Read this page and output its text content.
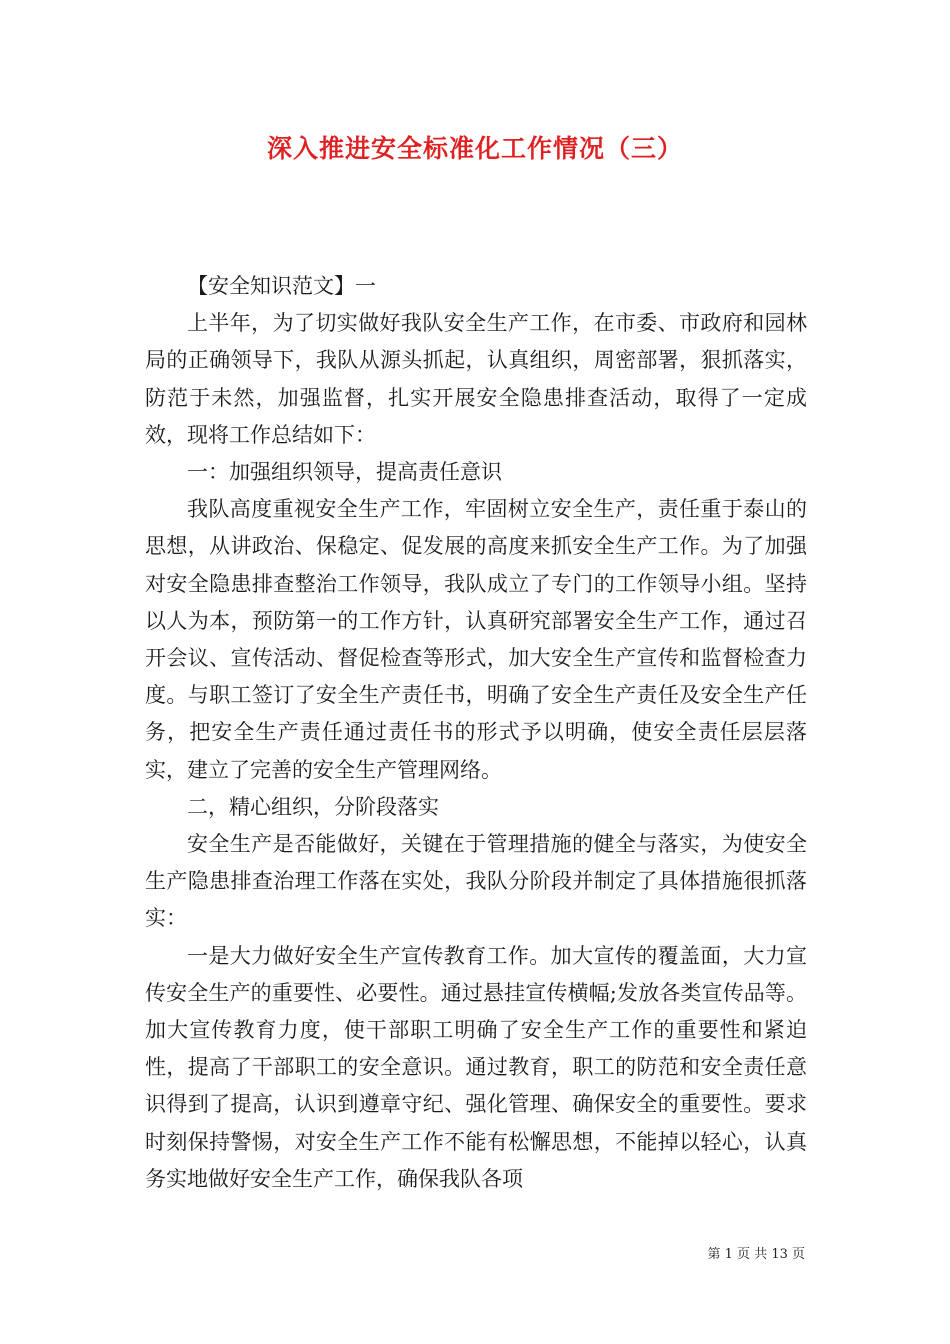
深入推进安全标准化工作情况（三）

【安全知识范文】一

上半年，为了切实做好我队安全生产工作，在市委、市政府和园林局的正确领导下，我队从源头抓起，认真组织，周密部署，狠抓落实，防范于未然，加强监督，扎实开展安全隐患排查活动，取得了一定成效，现将工作总结如下：

一：加强组织领导，提高责任意识

我队高度重视安全生产工作，牢固树立安全生产，责任重于泰山的思想，从讲政治、保稳定、促发展的高度来抓安全生产工作。为了加强对安全隐患排查整治工作领导，我队成立了专门的工作领导小组。坚持以人为本，预防第一的工作方针，认真研究部署安全生产工作，通过召开会议、宣传活动、督促检查等形式，加大安全生产宣传和监督检查力度。与职工签订了安全生产责任书，明确了安全生产责任及安全生产任务，把安全生产责任通过责任书的形式予以明确，使安全责任层层落实，建立了完善的安全生产管理网络。

二，精心组织，分阶段落实

安全生产是否能做好，关键在于管理措施的健全与落实，为使安全生产隐患排查治理工作落在实处，我队分阶段并制定了具体措施很抓落实：

一是大力做好安全生产宣传教育工作。加大宣传的覆盖面，大力宣传安全生产的重要性、必要性。通过悬挂宣传横幅;发放各类宣传品等。加大宣传教育力度，使干部职工明确了安全生产工作的重要性和紧迫性，提高了干部职工的安全意识。通过教育，职工的防范和安全责任意识得到了提高，认识到遵章守纪、强化管理、确保安全的重要性。要求时刻保持警惕，对安全生产工作不能有松懈思想，不能掉以轻心，认真务实地做好安全生产工作，确保我队各项

第 1 页 共 13 页
